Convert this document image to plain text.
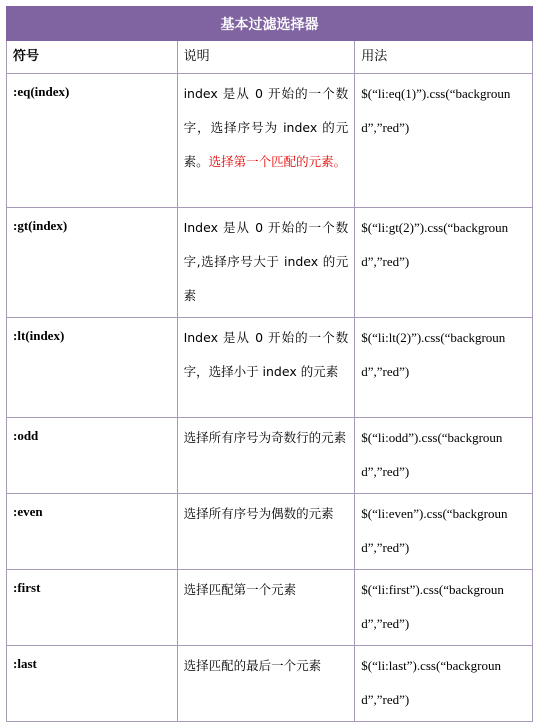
基本过滤选择器		

符号	说明	用法

:eq(index)	index 是从 0 开始的一个数字，选择序号为 index 的元素。选择第一个匹配的元素。	$(“li:eq(1)”).css(“background”,”red”)

:gt(index)	Index 是从 0 开始的一个数字,选择序号大于 index 的元素	$(“li:gt(2)”).css(“background”,”red”)

:lt(index)	Index 是从 0 开始的一个数字，选择小于 index 的元素	$(“li:lt(2)”).css(“background”,”red”)

:odd	选择所有序号为奇数行的元素	$(“li:odd”).css(“background”,”red”)

:even	选择所有序号为偶数的元素	$(“li:even”).css(“background”,”red”)

:first	选择匹配第一个元素	$(“li:first”).css(“background”,”red”)

:last	选择匹配的最后一个元素	$(“li:last”).css(“background”,”red”)
